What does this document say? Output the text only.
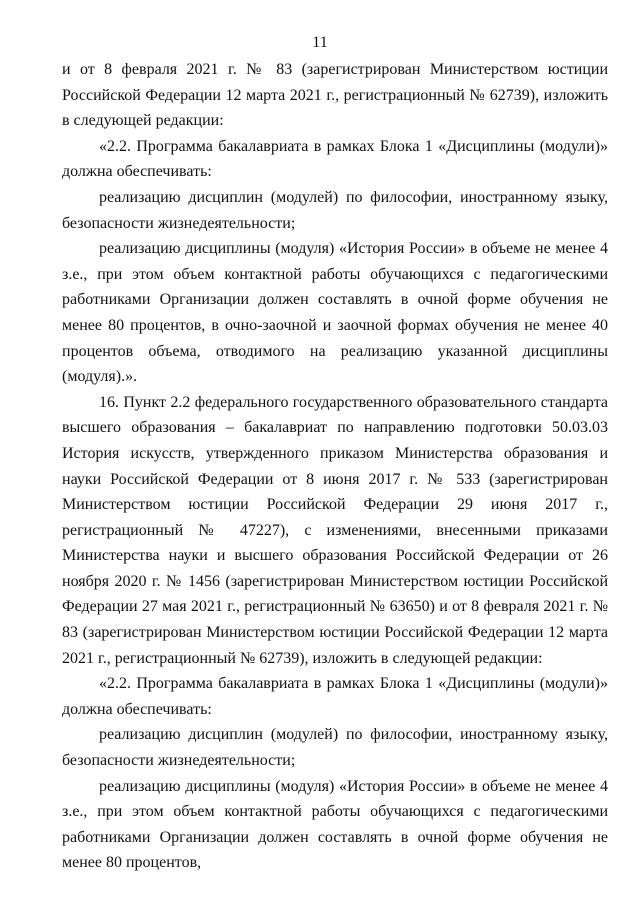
11

и от 8 февраля 2021 г. № 83 (зарегистрирован Министерством юстиции Российской Федерации 12 марта 2021 г., регистрационный № 62739), изложить в следующей редакции:

«2.2. Программа бакалавриата в рамках Блока 1 «Дисциплины (модули)» должна обеспечивать:

реализацию дисциплин (модулей) по философии, иностранному языку, безопасности жизнедеятельности;

реализацию дисциплины (модуля) «История России» в объеме не менее 4 з.е., при этом объем контактной работы обучающихся с педагогическими работниками Организации должен составлять в очной форме обучения не менее 80 процентов, в очно-заочной и заочной формах обучения не менее 40 процентов объема, отводимого на реализацию указанной дисциплины (модуля).».

16. Пункт 2.2 федерального государственного образовательного стандарта высшего образования – бакалавриат по направлению подготовки 50.03.03 История искусств, утвержденного приказом Министерства образования и науки Российской Федерации от 8 июня 2017 г. № 533 (зарегистрирован Министерством юстиции Российской Федерации 29 июня 2017 г., регистрационный № 47227), с изменениями, внесенными приказами Министерства науки и высшего образования Российской Федерации от 26 ноября 2020 г. № 1456 (зарегистрирован Министерством юстиции Российской Федерации 27 мая 2021 г., регистрационный № 63650) и от 8 февраля 2021 г. № 83 (зарегистрирован Министерством юстиции Российской Федерации 12 марта 2021 г., регистрационный № 62739), изложить в следующей редакции:

«2.2. Программа бакалавриата в рамках Блока 1 «Дисциплины (модули)» должна обеспечивать:

реализацию дисциплин (модулей) по философии, иностранному языку, безопасности жизнедеятельности;

реализацию дисциплины (модуля) «История России» в объеме не менее 4 з.е., при этом объем контактной работы обучающихся с педагогическими работниками Организации должен составлять в очной форме обучения не менее 80 процентов,
